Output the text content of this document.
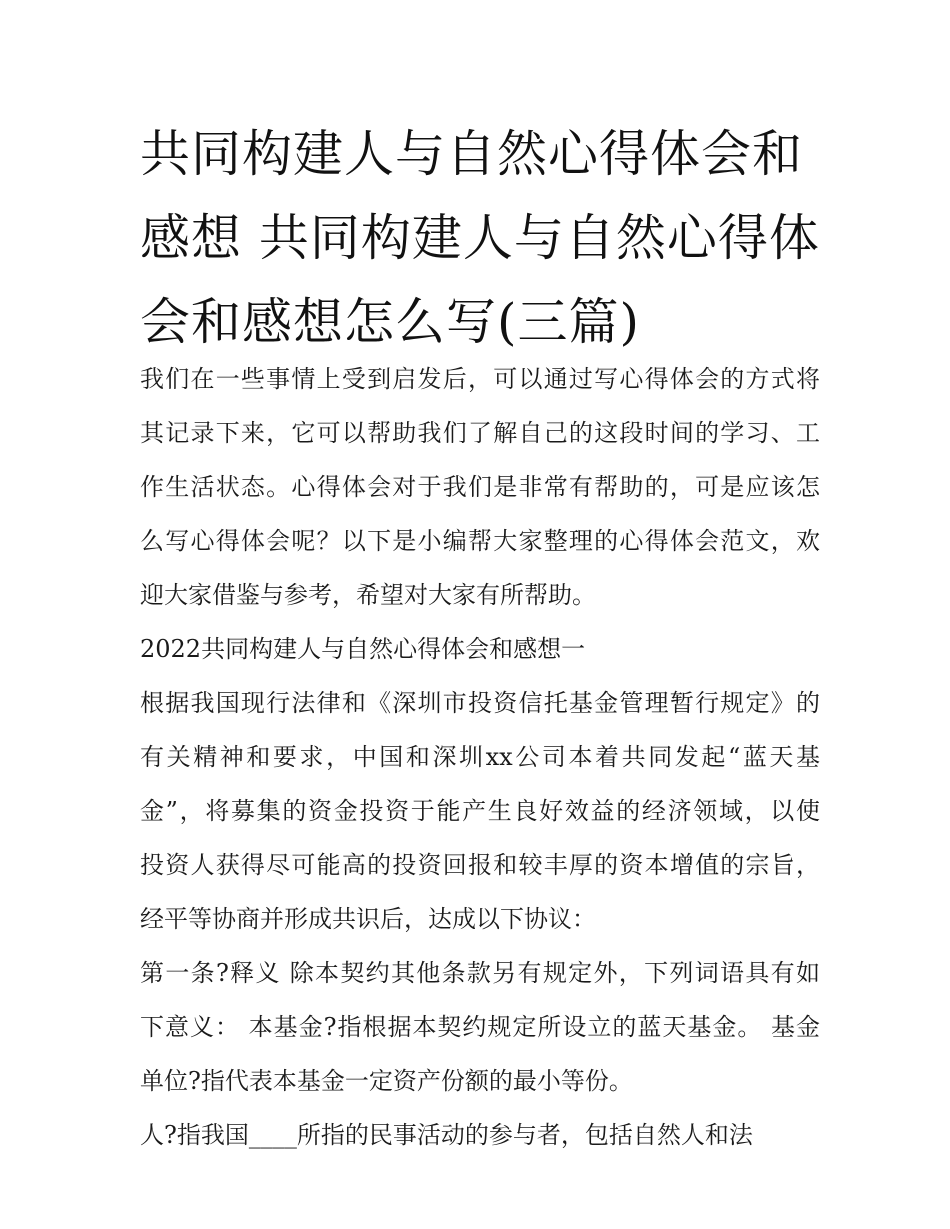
共同构建人与自然心得体会和
感想 共同构建人与自然心得体
会和感想怎么写(三篇)

我们在一些事情上受到启发后，可以通过写心得体会的方式将
其记录下来，它可以帮助我们了解自己的这段时间的学习、工
作生活状态。心得体会对于我们是非常有帮助的，可是应该怎
么写心得体会呢？以下是小编帮大家整理的心得体会范文，欢
迎大家借鉴与参考，希望对大家有所帮助。

2022共同构建人与自然心得体会和感想一

根据我国现行法律和《深圳市投资信托基金管理暂行规定》的
有关精神和要求，中国和深圳xx公司本着共同发起“蓝天基
金”，将募集的资金投资于能产生良好效益的经济领域，以使
投资人获得尽可能高的投资回报和较丰厚的资本增值的宗旨，
经平等协商并形成共识后，达成以下协议：

第一条?释义 除本契约其他条款另有规定外，下列词语具有如
下意义： 本基金?指根据本契约规定所设立的蓝天基金。 基金
单位?指代表本基金一定资产份额的最小等份。

人?指我国____所指的民事活动的参与者，包括自然人和法
